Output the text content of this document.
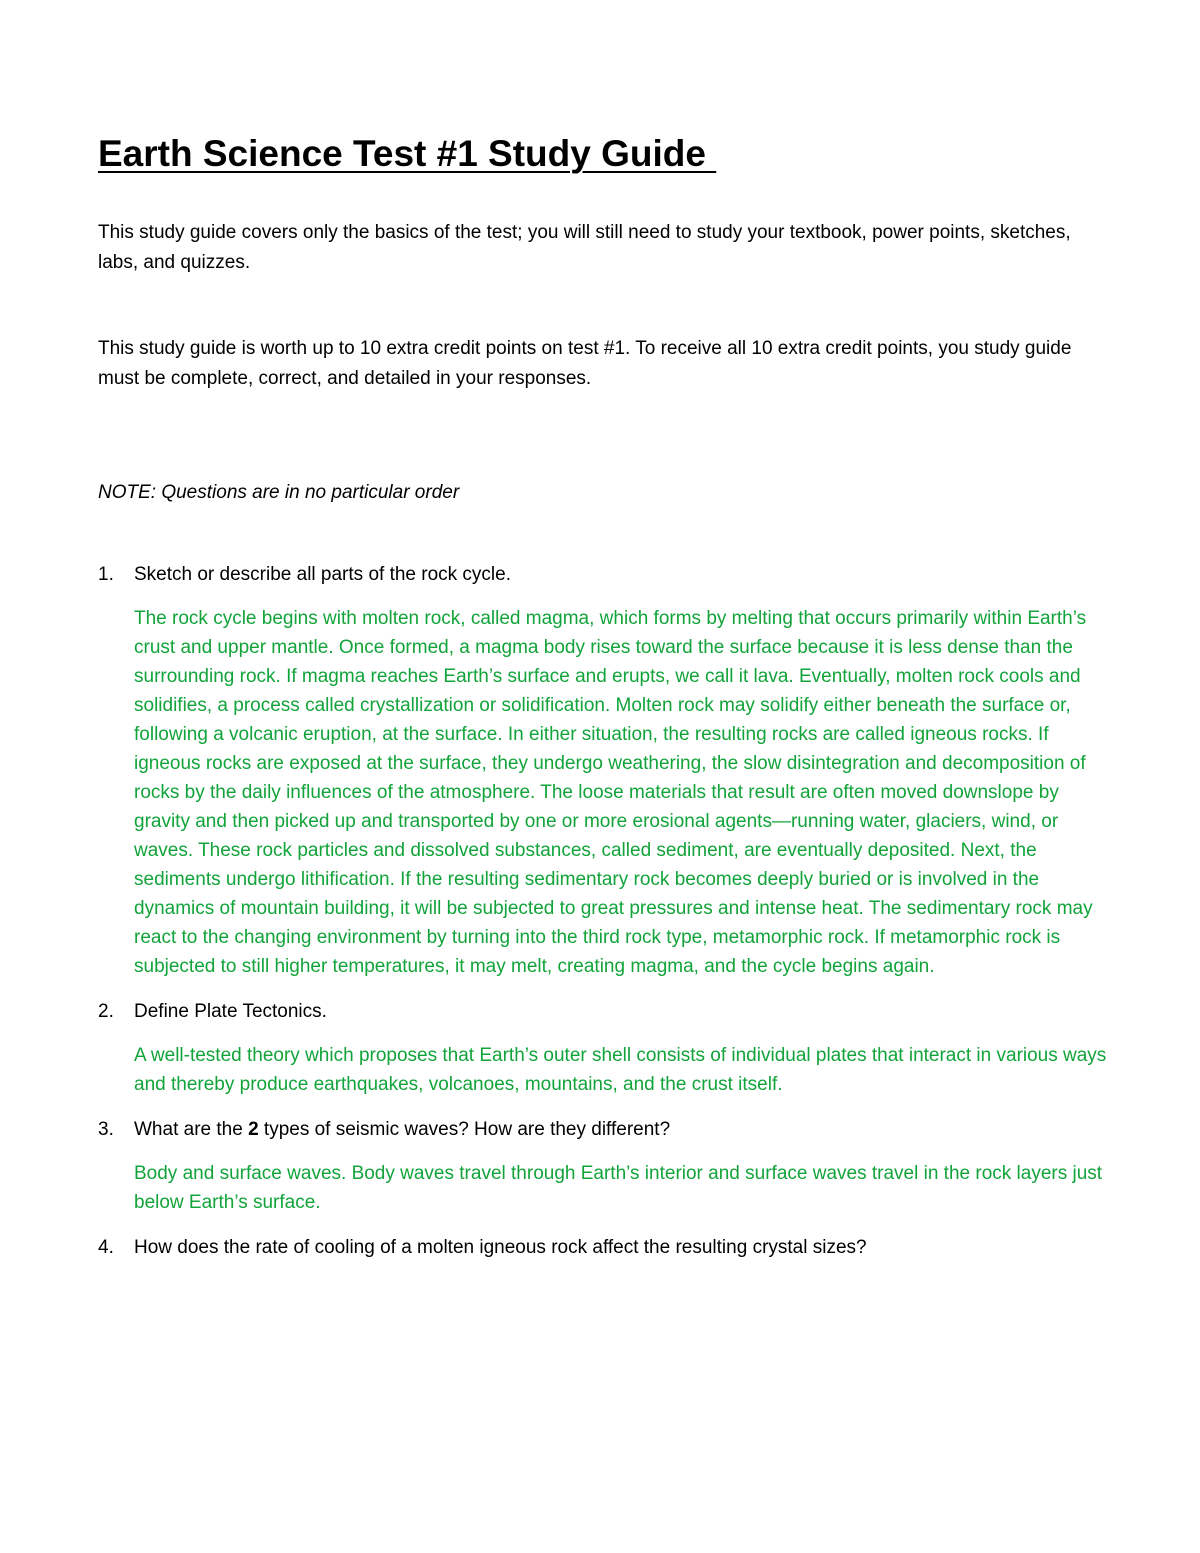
Earth Science Test #1 Study Guide

This study guide covers only the basics of the test; you will still need to study your textbook, power points, sketches, labs, and quizzes.

This study guide is worth up to 10 extra credit points on test #1. To receive all 10 extra credit points, you study guide must be complete, correct, and detailed in your responses.

NOTE: Questions are in no particular order

1. Sketch or describe all parts of the rock cycle.

The rock cycle begins with molten rock, called magma, which forms by melting that occurs primarily within Earth’s crust and upper mantle. Once formed, a magma body rises toward the surface because it is less dense than the surrounding rock. If magma reaches Earth’s surface and erupts, we call it lava. Eventually, molten rock cools and solidifies, a process called crystallization or solidification. Molten rock may solidify either beneath the surface or, following a volcanic eruption, at the surface. In either situation, the resulting rocks are called igneous rocks. If igneous rocks are exposed at the surface, they undergo weathering, the slow disintegration and decomposition of rocks by the daily influences of the atmosphere. The loose materials that result are often moved downslope by gravity and then picked up and transported by one or more erosional agents—running water, glaciers, wind, or waves. These rock particles and dissolved substances, called sediment, are eventually deposited. Next, the sediments undergo lithification. If the resulting sedimentary rock becomes deeply buried or is involved in the dynamics of mountain building, it will be subjected to great pressures and intense heat. The sedimentary rock may react to the changing environment by turning into the third rock type, metamorphic rock. If metamorphic rock is subjected to still higher temperatures, it may melt, creating magma, and the cycle begins again.

2. Define Plate Tectonics.

A well-tested theory which proposes that Earth’s outer shell consists of individual plates that interact in various ways and thereby produce earthquakes, volcanoes, mountains, and the crust itself.

3. What are the 2 types of seismic waves? How are they different?

Body and surface waves. Body waves travel through Earth’s interior and surface waves travel in the rock layers just below Earth’s surface.

4. How does the rate of cooling of a molten igneous rock affect the resulting crystal sizes?
